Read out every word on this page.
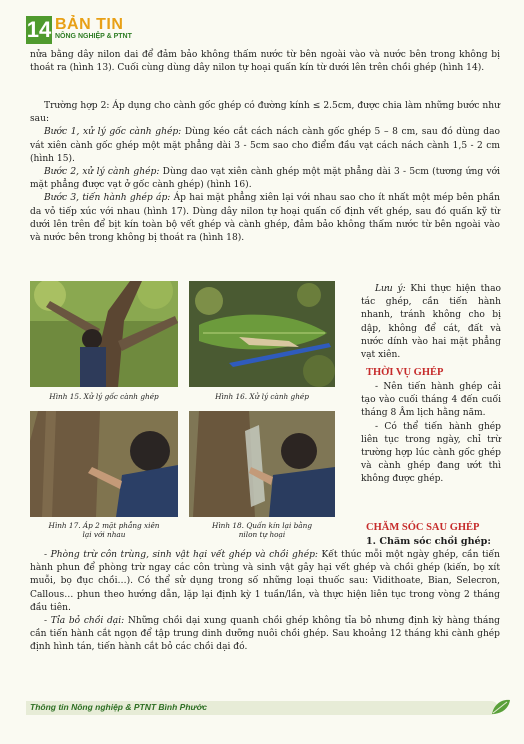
14 BẢN TIN
NÔNG NGHIỆP & PTNT

nửa bằng dây nilon dai để đảm bảo không thấm nước từ bên ngoài vào và nước bên trong không bị thoát ra (hình 13). Cuối cùng dùng dây nilon tự hoại quấn kín từ dưới lên trên chồi ghép (hình 14).

Trường hợp 2: Áp dụng cho cành gốc ghép có đường kính ≤ 2.5cm, được chia làm những bước như sau:

Bước 1, xử lý gốc cành ghép: Dùng kéo cắt cách nách cành gốc ghép 5 – 8 cm, sau đó dùng dao vát xiên cành gốc ghép một mặt phẳng dài 3 - 5cm sao cho điểm đầu vạt cách nách cành 1,5 - 2 cm (hình 15).

Bước 2, xử lý cành ghép: Dùng dao vạt xiên cành ghép một mặt phẳng dài 3 - 5cm (tương ứng với mặt phẳng được vạt ở gốc cành ghép) (hình 16).

Bước 3, tiến hành ghép áp: Áp hai mặt phẳng xiên lại với nhau sao cho ít nhất một mép bên phần da vỏ tiếp xúc với nhau (hình 17). Dùng dây nilon tự hoại quấn cố định vết ghép, sau đó quấn kỹ từ dưới lên trên để bịt kín toàn bộ vết ghép và cành ghép, đảm bảo không thấm nước từ bên ngoài vào và nước bên trong không bị thoát ra (hình 18).

Hình 15. Xử lý gốc cành ghép	Hình 16. Xử lý cành ghép
Hình 17. Áp 2 mặt phẳng xiên lại với nhau
Hình 18. Quấn kín lại bằng nilon tự hoại

Lưu ý: Khi thực hiện thao tác ghép, cần tiến hành nhanh, tránh không cho bị dập, không để cát, đất và nước dính vào hai mặt phẳng vạt xiên.

THỜI VỤ GHÉP

- Nên tiến hành ghép cải tạo vào cuối tháng 4 đến cuối tháng 8 Âm lịch hằng năm.

- Có thể tiến hành ghép liên tục trong ngày, chỉ trừ trường hợp lúc cành gốc ghép và cành ghép đang ướt thì không được ghép.

CHĂM SÓC SAU GHÉP
1. Chăm sóc chồi ghép:

- Phòng trừ côn trùng, sinh vật hại vết ghép và chồi ghép: Kết thúc mỗi một ngày ghép, cần tiến hành phun để phòng trừ ngay các côn trùng và sinh vật gây hại vết ghép và chồi ghép (kiến, bọ xít muỗi, bọ đục chồi…). Có thể sử dụng trong số những loại thuốc sau: Vidithoate, Bian, Selecron, Callous… phun theo hướng dẫn, lặp lại định kỳ 1 tuần/lần, và thực hiện liên tục trong vòng 2 tháng đầu tiên.

- Tỉa bỏ chồi dại: Những chồi dại xung quanh chồi ghép không tỉa bỏ nhưng định kỳ hàng tháng cần tiến hành cắt ngọn để tập trung dinh dưỡng nuôi chồi ghép. Sau khoảng 12 tháng khi cành ghép định hình tán, tiến hành cắt bỏ các chồi dại đó.

Thông tin Nông nghiệp & PTNT Bình Phước
